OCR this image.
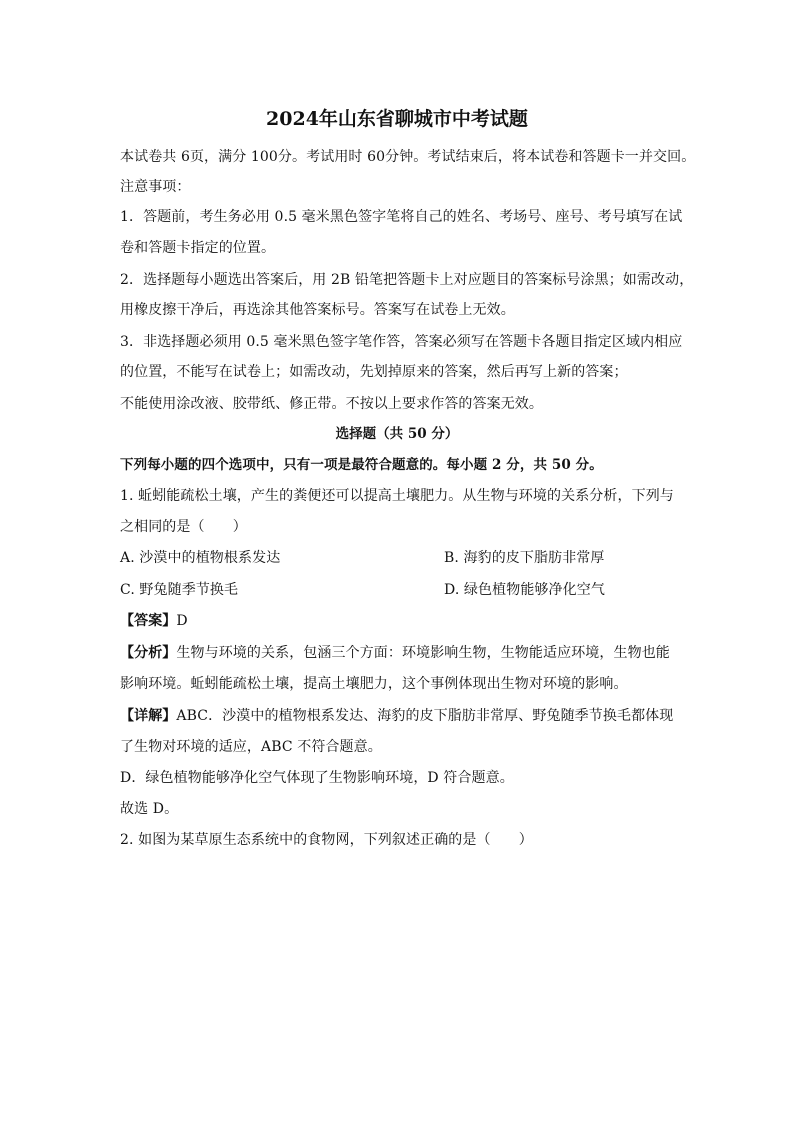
2024年山东省聊城市中考试题
本试卷共 6页，满分 100分。考试用时 60分钟。考试结束后，将本试卷和答题卡一并交回。
注意事项：
1．答题前，考生务必用 0.5 毫米黑色签字笔将自己的姓名、考场号、座号、考号填写在试
卷和答题卡指定的位置。
2．选择题每小题选出答案后，用 2B 铅笔把答题卡上对应题目的答案标号涂黑；如需改动，
用橡皮擦干净后，再选涂其他答案标号。答案写在试卷上无效。
3．非选择题必须用 0.5 毫米黑色签字笔作答，答案必须写在答题卡各题目指定区域内相应
的位置，不能写在试卷上；如需改动，先划掉原来的答案，然后再写上新的答案；
不能使用涂改液、胶带纸、修正带。不按以上要求作答的答案无效。
选择题（共 50 分）
下列每小题的四个选项中，只有一项是最符合题意的。每小题 2 分，共 50 分。
1. 蚯蚓能疏松土壤，产生的粪便还可以提高土壤肥力。从生物与环境的关系分析，下列与
之相同的是（　　）
A. 沙漠中的植物根系发达	B. 海豹的皮下脂肪非常厚
C. 野兔随季节换毛	D. 绿色植物能够净化空气
【答案】D
【分析】生物与环境的关系，包涵三个方面：环境影响生物，生物能适应环境，生物也能
影响环境。蚯蚓能疏松土壤，提高土壤肥力，这个事例体现出生物对环境的影响。
【详解】ABC．沙漠中的植物根系发达、海豹的皮下脂肪非常厚、野兔随季节换毛都体现
了生物对环境的适应，ABC 不符合题意。
D．绿色植物能够净化空气体现了生物影响环境，D 符合题意。
故选 D。
2. 如图为某草原生态系统中的食物网，下列叙述正确的是（　　）
